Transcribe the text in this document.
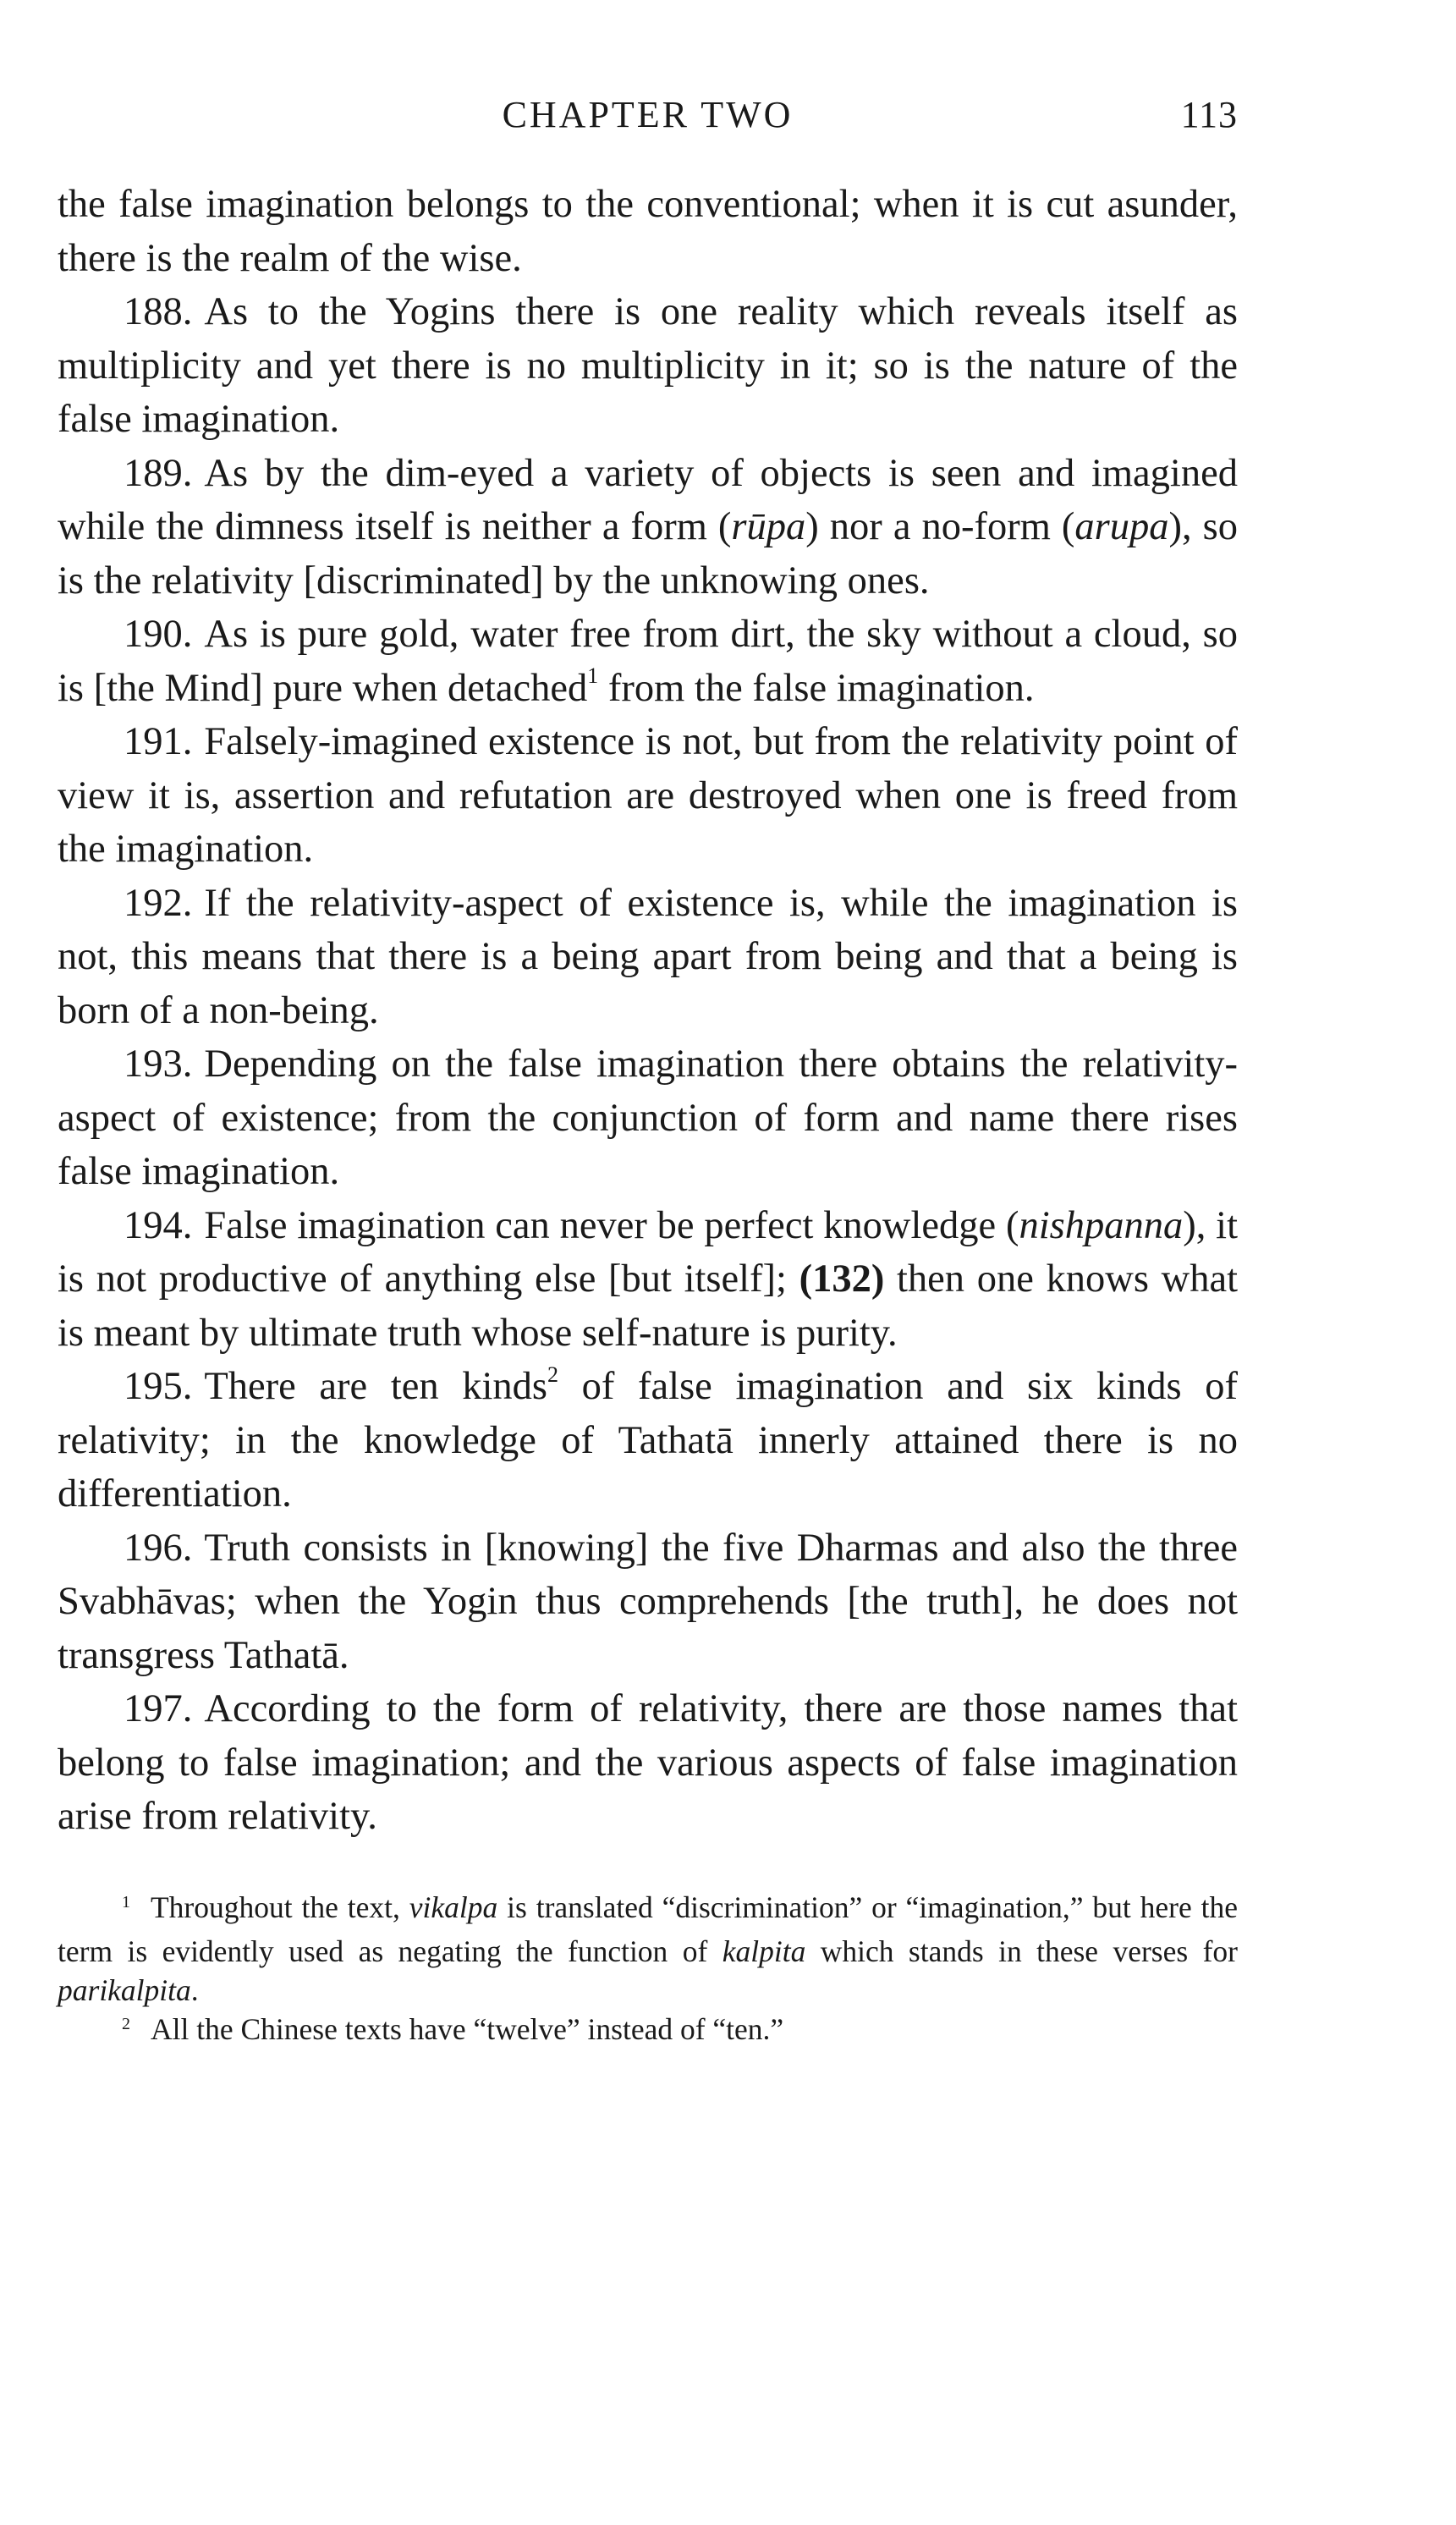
CHAPTER TWO	113

the false imagination belongs to the conventional; when it is cut asunder, there is the realm of the wise.

188. As to the Yogins there is one reality which reveals itself as multiplicity and yet there is no multiplicity in it; so is the nature of the false imagination.

189. As by the dim-eyed a variety of objects is seen and imagined while the dimness itself is neither a form (rūpa) nor a no-form (arupa), so is the relativity [discriminated] by the unknowing ones.

190. As is pure gold, water free from dirt, the sky without a cloud, so is [the Mind] pure when detached$^1$ from the false imagination.

191. Falsely-imagined existence is not, but from the relativity point of view it is, assertion and refutation are destroyed when one is freed from the imagination.

192. If the relativity-aspect of existence is, while the imagination is not, this means that there is a being apart from being and that a being is born of a non-being.

193. Depending on the false imagination there obtains the relativity-aspect of existence; from the conjunction of form and name there rises false imagination.

194. False imagination can never be perfect knowledge (nishpanna), it is not productive of anything else [but itself]; (132) then one knows what is meant by ultimate truth whose self-nature is purity.

195. There are ten kinds$^2$ of false imagination and six kinds of relativity; in the knowledge of Tathatā innerly attained there is no differentiation.

196. Truth consists in [knowing] the five Dharmas and also the three Svabhāvas; when the Yogin thus comprehends [the truth], he does not transgress Tathatā.

197. According to the form of relativity, there are those names that belong to false imagination; and the various aspects of false imagination arise from relativity.

$^1$ Throughout the text, vikalpa is translated “discrimination” or “imagination,” but here the term is evidently used as negating the function of kalpita which stands in these verses for parikalpita.

$^2$ All the Chinese texts have “twelve” instead of “ten.”
